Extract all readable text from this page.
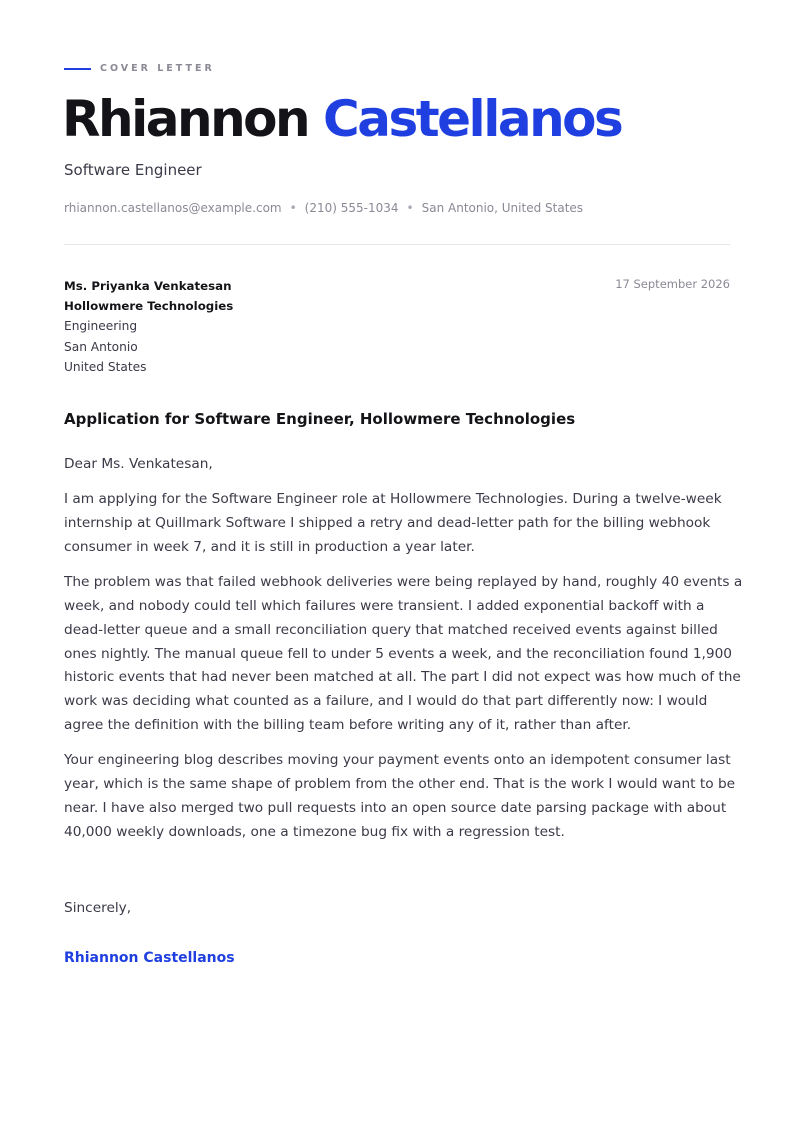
COVER LETTER
Rhiannon Castellanos
Software Engineer
rhiannon.castellanos@example.com • (210) 555-1034 • San Antonio, United States
Ms. Priyanka Venkatesan
Hollowmere Technologies
Engineering
San Antonio
United States
17 September 2026
Application for Software Engineer, Hollowmere Technologies

Dear Ms. Venkatesan,

I am applying for the Software Engineer role at Hollowmere Technologies. During a twelve-week internship at Quillmark Software I shipped a retry and dead-letter path for the billing webhook consumer in week 7, and it is still in production a year later.

The problem was that failed webhook deliveries were being replayed by hand, roughly 40 events a week, and nobody could tell which failures were transient. I added exponential backoff with a dead-letter queue and a small reconciliation query that matched received events against billed ones nightly. The manual queue fell to under 5 events a week, and the reconciliation found 1,900 historic events that had never been matched at all. The part I did not expect was how much of the work was deciding what counted as a failure, and I would do that part differently now: I would agree the definition with the billing team before writing any of it, rather than after.

Your engineering blog describes moving your payment events onto an idempotent consumer last year, which is the same shape of problem from the other end. That is the work I would want to be near. I have also merged two pull requests into an open source date parsing package with about 40,000 weekly downloads, one a timezone bug fix with a regression test.

Sincerely,
Rhiannon Castellanos
